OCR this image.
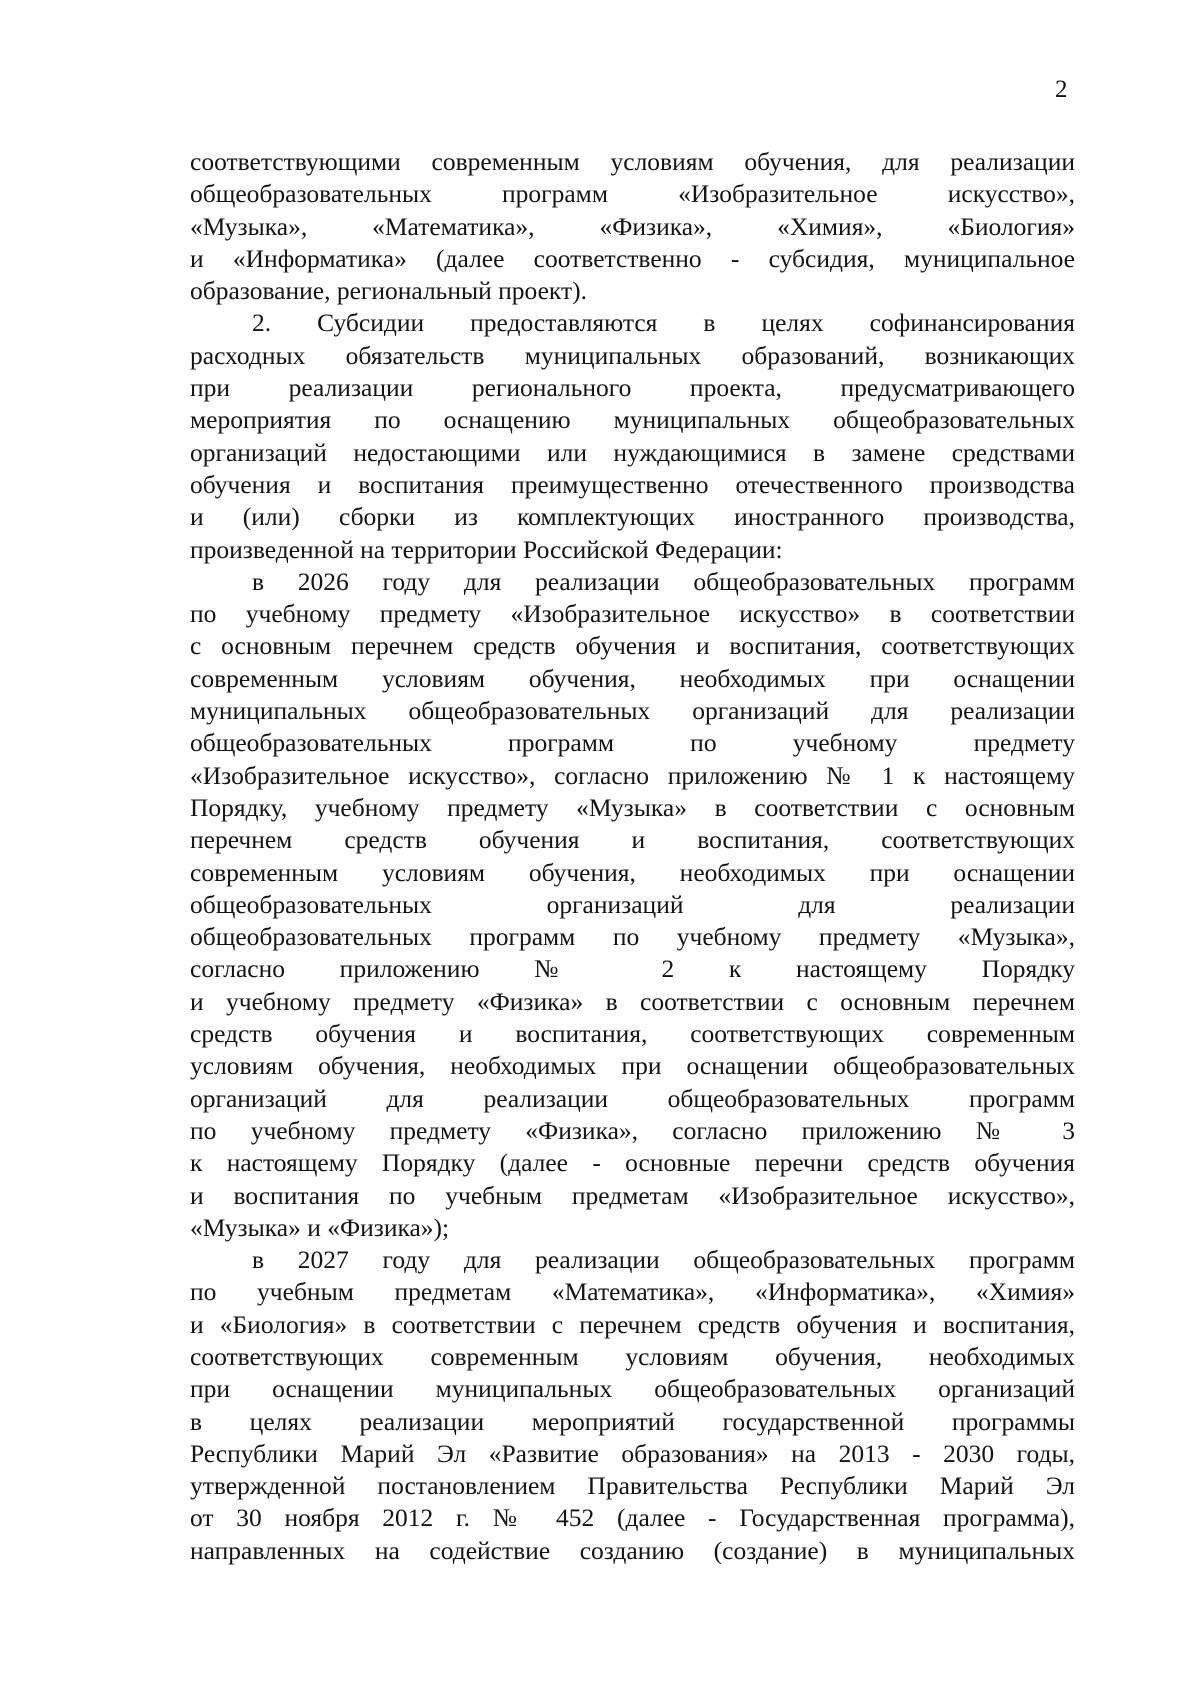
2
соответствующими современным условиям обучения, для реализации
общеобразовательных программ «Изобразительное искусство»,
«Музыка», «Математика», «Физика», «Химия», «Биология»
и «Информатика» (далее соответственно - субсидия, муниципальное
образование, региональный проект).
2. Субсидии предоставляются в целях софинансирования
расходных обязательств муниципальных образований, возникающих
при реализации регионального проекта, предусматривающего
мероприятия по оснащению муниципальных общеобразовательных
организаций недостающими или нуждающимися в замене средствами
обучения и воспитания преимущественно отечественного производства
и (или) сборки из комплектующих иностранного производства,
произведенной на территории Российской Федерации:
в 2026 году для реализации общеобразовательных программ
по учебному предмету «Изобразительное искусство» в соответствии
с основным перечнем средств обучения и воспитания, соответствующих
современным условиям обучения, необходимых при оснащении
муниципальных общеобразовательных организаций для реализации
общеобразовательных программ по учебному предмету
«Изобразительное искусство», согласно приложению № 1 к настоящему
Порядку, учебному предмету «Музыка» в соответствии с основным
перечнем средств обучения и воспитания, соответствующих
современным условиям обучения, необходимых при оснащении
общеобразовательных организаций для реализации
общеобразовательных программ по учебному предмету «Музыка»,
согласно приложению № 2 к настоящему Порядку
и учебному предмету «Физика» в соответствии с основным перечнем
средств обучения и воспитания, соответствующих современным
условиям обучения, необходимых при оснащении общеобразовательных
организаций для реализации общеобразовательных программ
по учебному предмету «Физика», согласно приложению № 3
к настоящему Порядку (далее - основные перечни средств обучения
и воспитания по учебным предметам «Изобразительное искусство»,
«Музыка» и «Физика»);
в 2027 году для реализации общеобразовательных программ
по учебным предметам «Математика», «Информатика», «Химия»
и «Биология» в соответствии с перечнем средств обучения и воспитания,
соответствующих современным условиям обучения, необходимых
при оснащении муниципальных общеобразовательных организаций
в целях реализации мероприятий государственной программы
Республики Марий Эл «Развитие образования» на 2013 - 2030 годы,
утвержденной постановлением Правительства Республики Марий Эл
от 30 ноября 2012 г. № 452 (далее - Государственная программа),
направленных на содействие созданию (создание) в муниципальных
